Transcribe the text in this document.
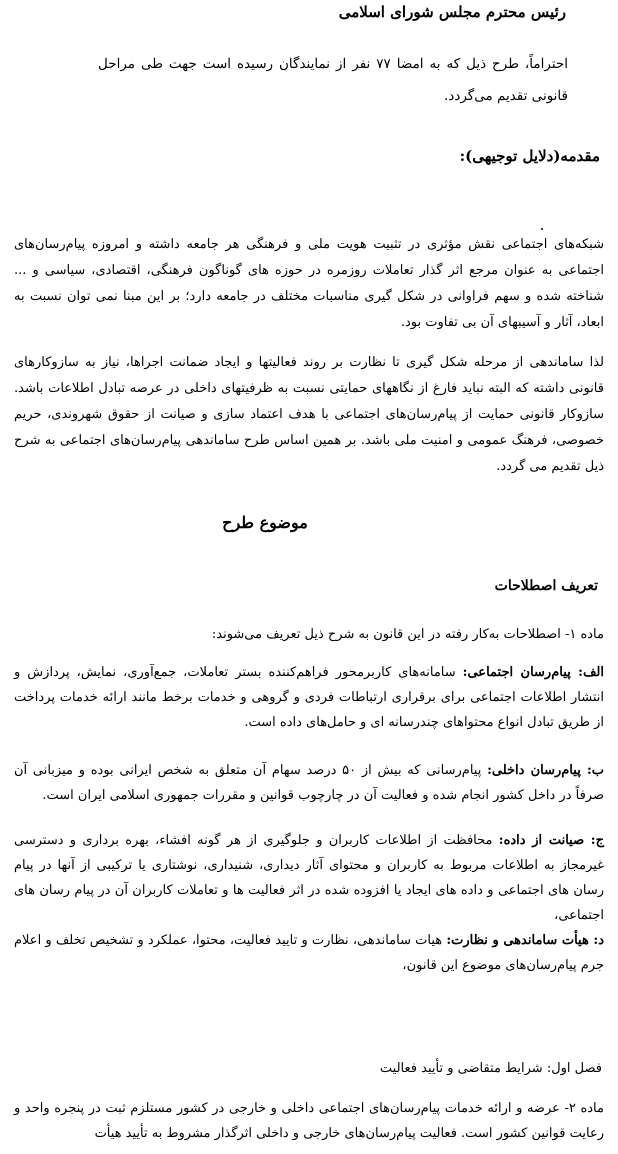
رئیس محترم مجلس شورای اسلامی
احتراماً، طرح ذیل که به امضا ۷۷ نفر از نمایندگان رسیده است جهت طی مراحل قانونی تقدیم می‌گردد.
مقدمه(دلایل توجیهی):
شبکه‌های اجتماعی نقش مؤثری در تثبیت هویت ملی و فرهنگی هر جامعه داشته و امروزه پیام‌رسان‌های اجتماعی به عنوان مرجع اثر گذار تعاملات روزمره در حوزه های گوناگون فرهنگی، اقتصادی، سیاسی و ... شناخته شده و سهم فراوانی در شکل گیری مناسبات مختلف در جامعه دارد؛ بر این مبنا نمی توان نسبت به ابعاد، آثار و آسیبهای آن بی تفاوت بود.
لذا ساماندهی از مرحله شکل گیری تا نظارت بر روند فعالیتها و ایجاد ضمانت اجراها، نیاز به سازوکارهای قانونی داشته که البته نباید فارغ از نگاههای حمایتی نسبت به ظرفیتهای داخلی در عرصه تبادل اطلاعات باشد. سازوکار قانونی حمایت از پیام‌رسان‌های اجتماعی با هدف اعتماد سازی و صیانت از حقوق شهروندی، حریم خصوصی، فرهنگ عمومی و امنیت ملی باشد. بر همین اساس طرح ساماندهی پیام‌رسان‌های اجتماعی به شرح ذیل تقدیم می گردد.
موضوع طرح
تعریف اصطلاحات
ماده ۱- اصطلاحات به‌کار رفته در این قانون به شرح ذیل تعریف می‌شوند:
الف: پیام‌رسان اجتماعی: سامانه‌های کاربرمحور فراهم‌کننده بستر تعاملات، جمع‌آوری، نمایش، پردازش و انتشار اطلاعات اجتماعی برای برقراری ارتباطات فردی و گروهی و خدمات برخط مانند ارائه خدمات پرداخت از طریق تبادل انواع محتواهای چندرسانه ای و حامل‌های داده است.
ب: پیام‌رسان داخلی: پیام‌رسانی که بیش از ۵۰ درصد سهام آن متعلق به شخص ایرانی بوده و میزبانی آن صرفاً در داخل کشور انجام شده و فعالیت آن در چارچوب قوانین و مقررات جمهوری اسلامی ایران است.
ج: صیانت از داده: محافظت از اطلاعات کاربران و جلوگیری از هر گونه افشاء، بهره برداری و دسترسی غیرمجاز به اطلاعات مربوط به کاربران و محتوای آثار دیداری، شنیداری، نوشتاری یا ترکیبی از آنها در پیام رسان های اجتماعی و داده های ایجاد یا افزوده شده در اثر فعالیت ها و تعاملات کاربران آن در پیام رسان های اجتماعی،
د: هیأت ساماندهی و نظارت: هیات ساماندهی، نظارت و تایید فعالیت، محتوا، عملکرد و تشخیص تخلف و اعلام جرم پیام‌رسان‌های موضوع این قانون،
فصل اول: شرایط متقاضی و تأیید فعالیت
ماده ۲- عرضه و ارائه خدمات پیام‌رسان‌های اجتماعی داخلی و خارجی در کشور مستلزم ثبت در پنجره واحد و رعایت قوانین کشور است. فعالیت پیام‌رسان‌های خارجی و داخلی اثرگذار مشروط به تأیید هیأت
